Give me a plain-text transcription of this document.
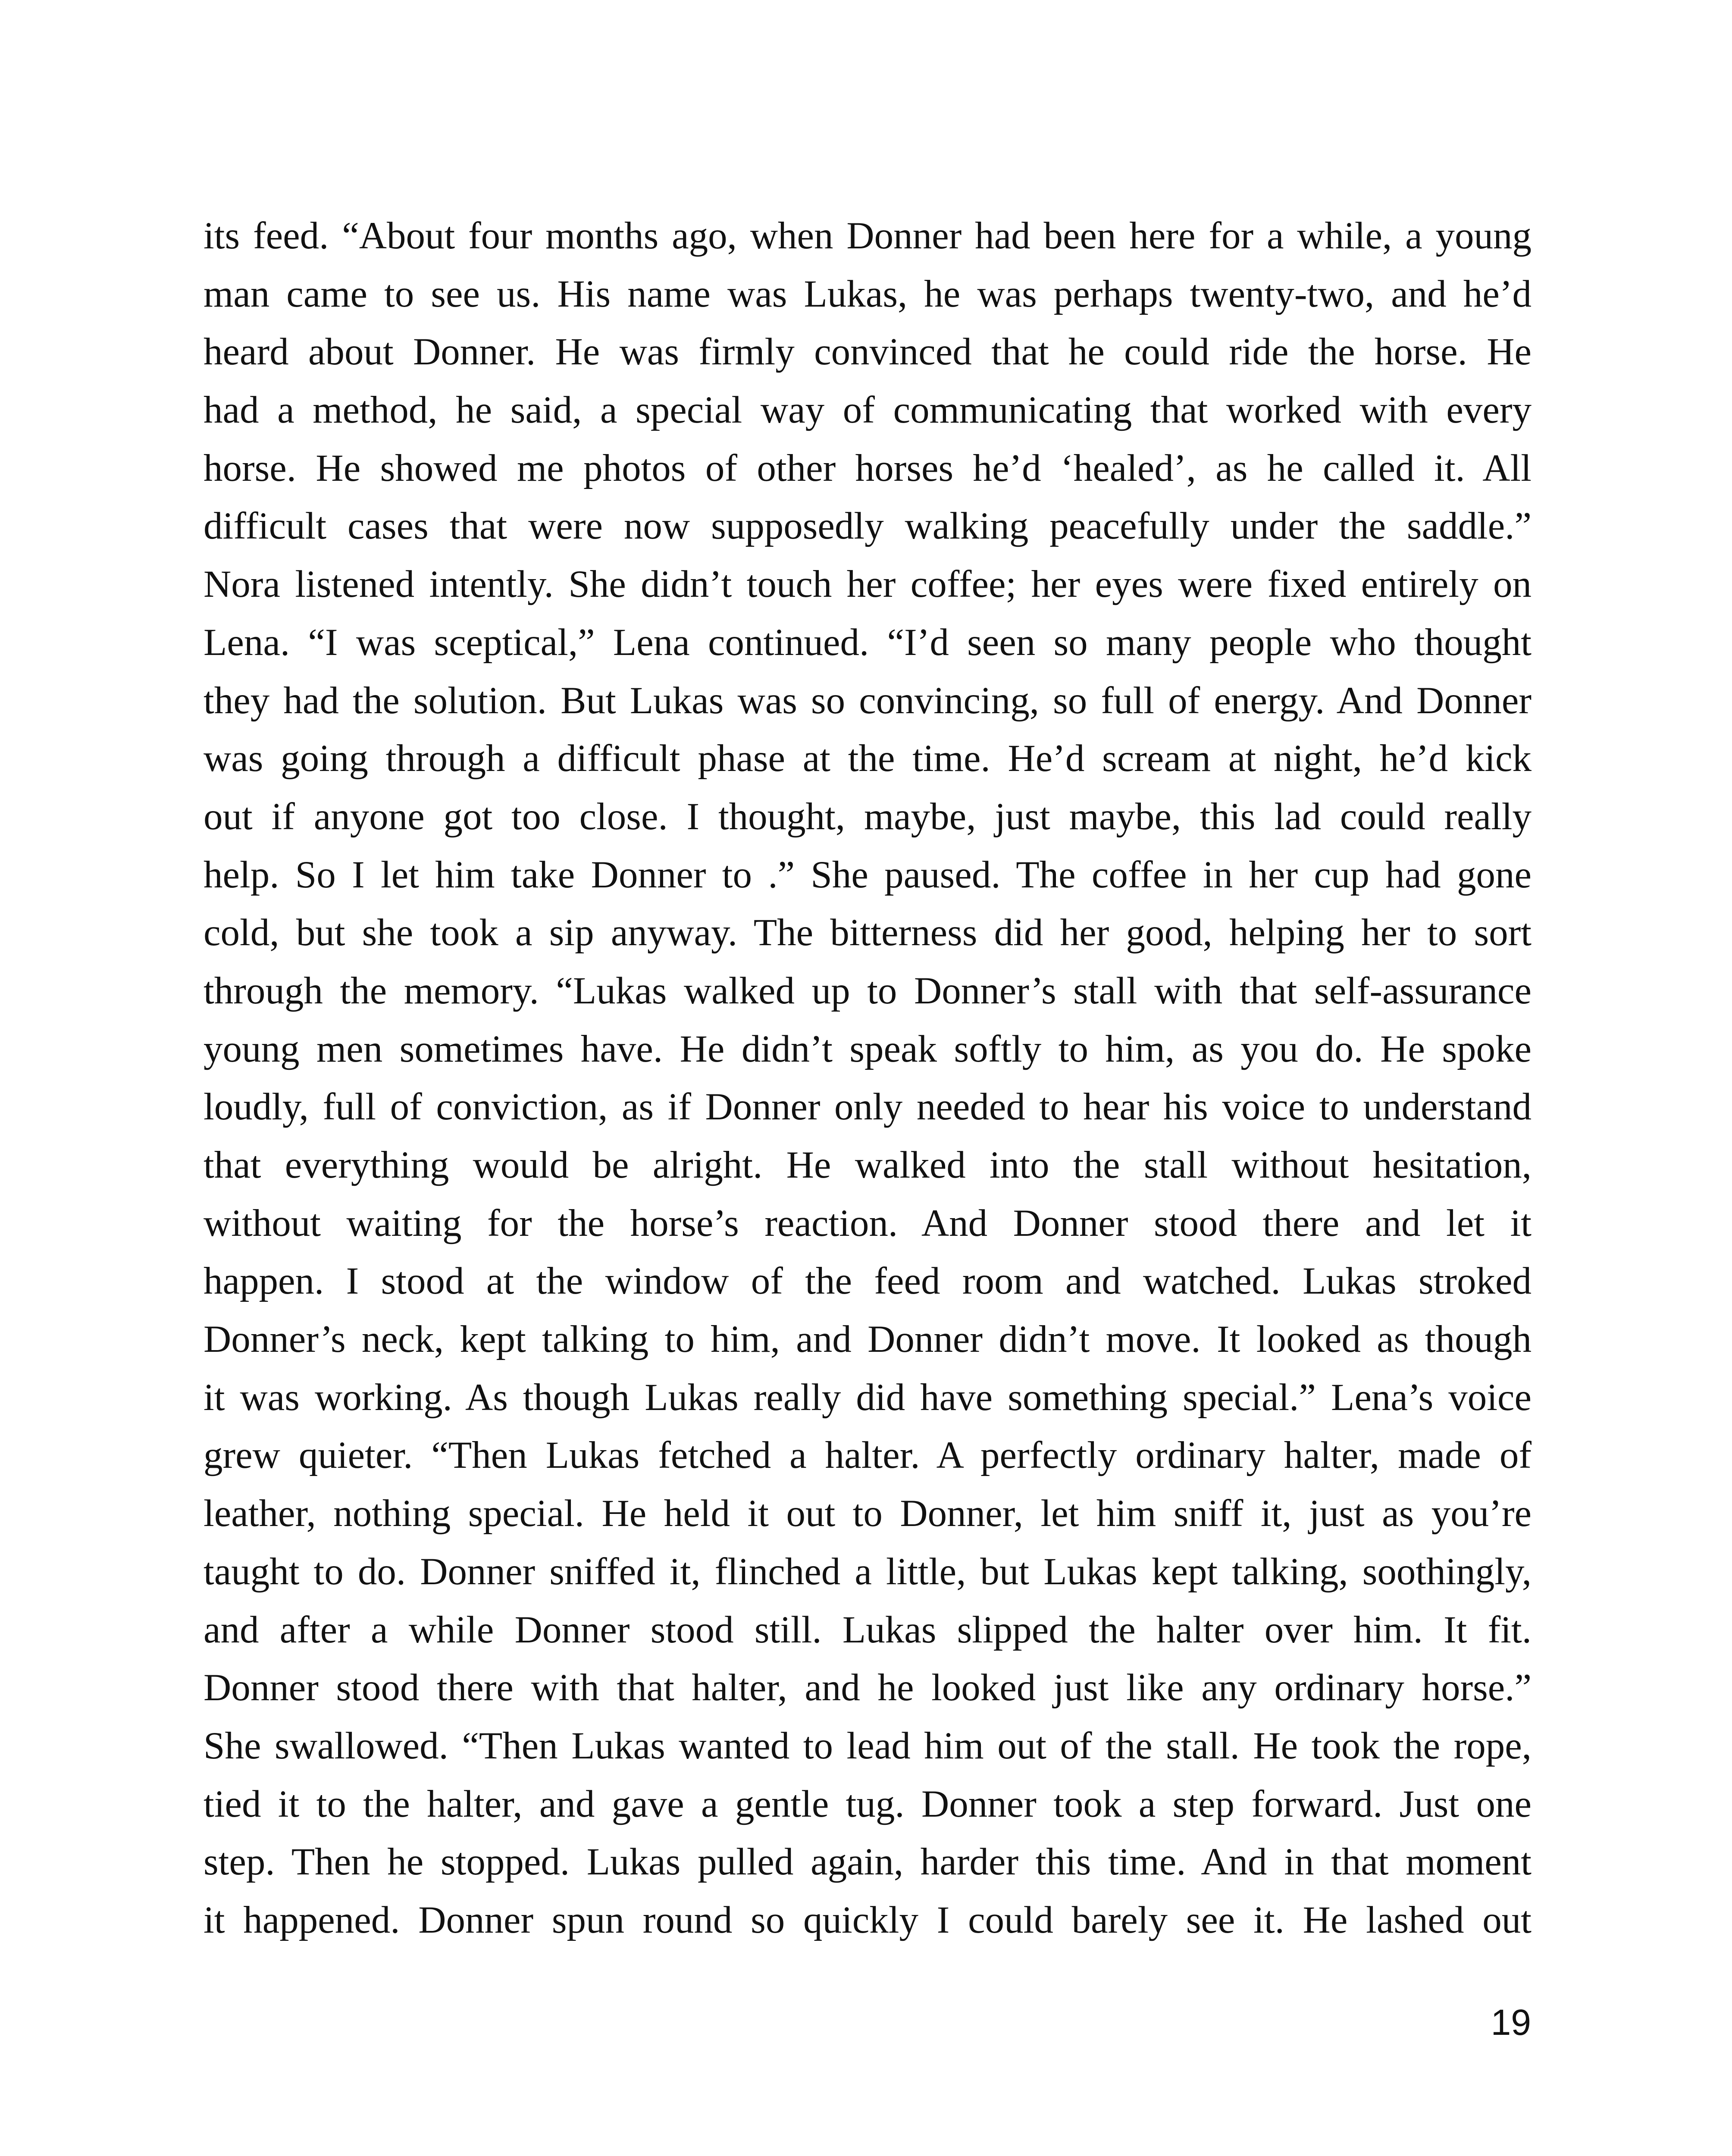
its feed. “About four months ago, when Donner had been here for a while, a young
man came to see us. His name was Lukas, he was perhaps twenty-two, and he’d
heard about Donner. He was firmly convinced that he could ride the horse. He
had a method, he said, a special way of communicating that worked with every
horse. He showed me photos of other horses he’d ‘healed’, as he called it. All
difficult cases that were now supposedly walking peacefully under the saddle.”
Nora listened intently. She didn’t touch her coffee; her eyes were fixed entirely on
Lena. “I was sceptical,” Lena continued. “I’d seen so many people who thought
they had the solution. But Lukas was so convincing, so full of energy. And Donner
was going through a difficult phase at the time. He’d scream at night, he’d kick
out if anyone got too close. I thought, maybe, just maybe, this lad could really
help. So I let him take Donner to .” She paused. The coffee in her cup had gone
cold, but she took a sip anyway. The bitterness did her good, helping her to sort
through the memory. “Lukas walked up to Donner’s stall with that self-assurance
young men sometimes have. He didn’t speak softly to him, as you do. He spoke
loudly, full of conviction, as if Donner only needed to hear his voice to understand
that everything would be alright. He walked into the stall without hesitation,
without waiting for the horse’s reaction. And Donner stood there and let it
happen. I stood at the window of the feed room and watched. Lukas stroked
Donner’s neck, kept talking to him, and Donner didn’t move. It looked as though
it was working. As though Lukas really did have something special.” Lena’s voice
grew quieter. “Then Lukas fetched a halter. A perfectly ordinary halter, made of
leather, nothing special. He held it out to Donner, let him sniff it, just as you’re
taught to do. Donner sniffed it, flinched a little, but Lukas kept talking, soothingly,
and after a while Donner stood still. Lukas slipped the halter over him. It fit.
Donner stood there with that halter, and he looked just like any ordinary horse.”
She swallowed. “Then Lukas wanted to lead him out of the stall. He took the rope,
tied it to the halter, and gave a gentle tug. Donner took a step forward. Just one
step. Then he stopped. Lukas pulled again, harder this time. And in that moment
it happened. Donner spun round so quickly I could barely see it. He lashed out
19
